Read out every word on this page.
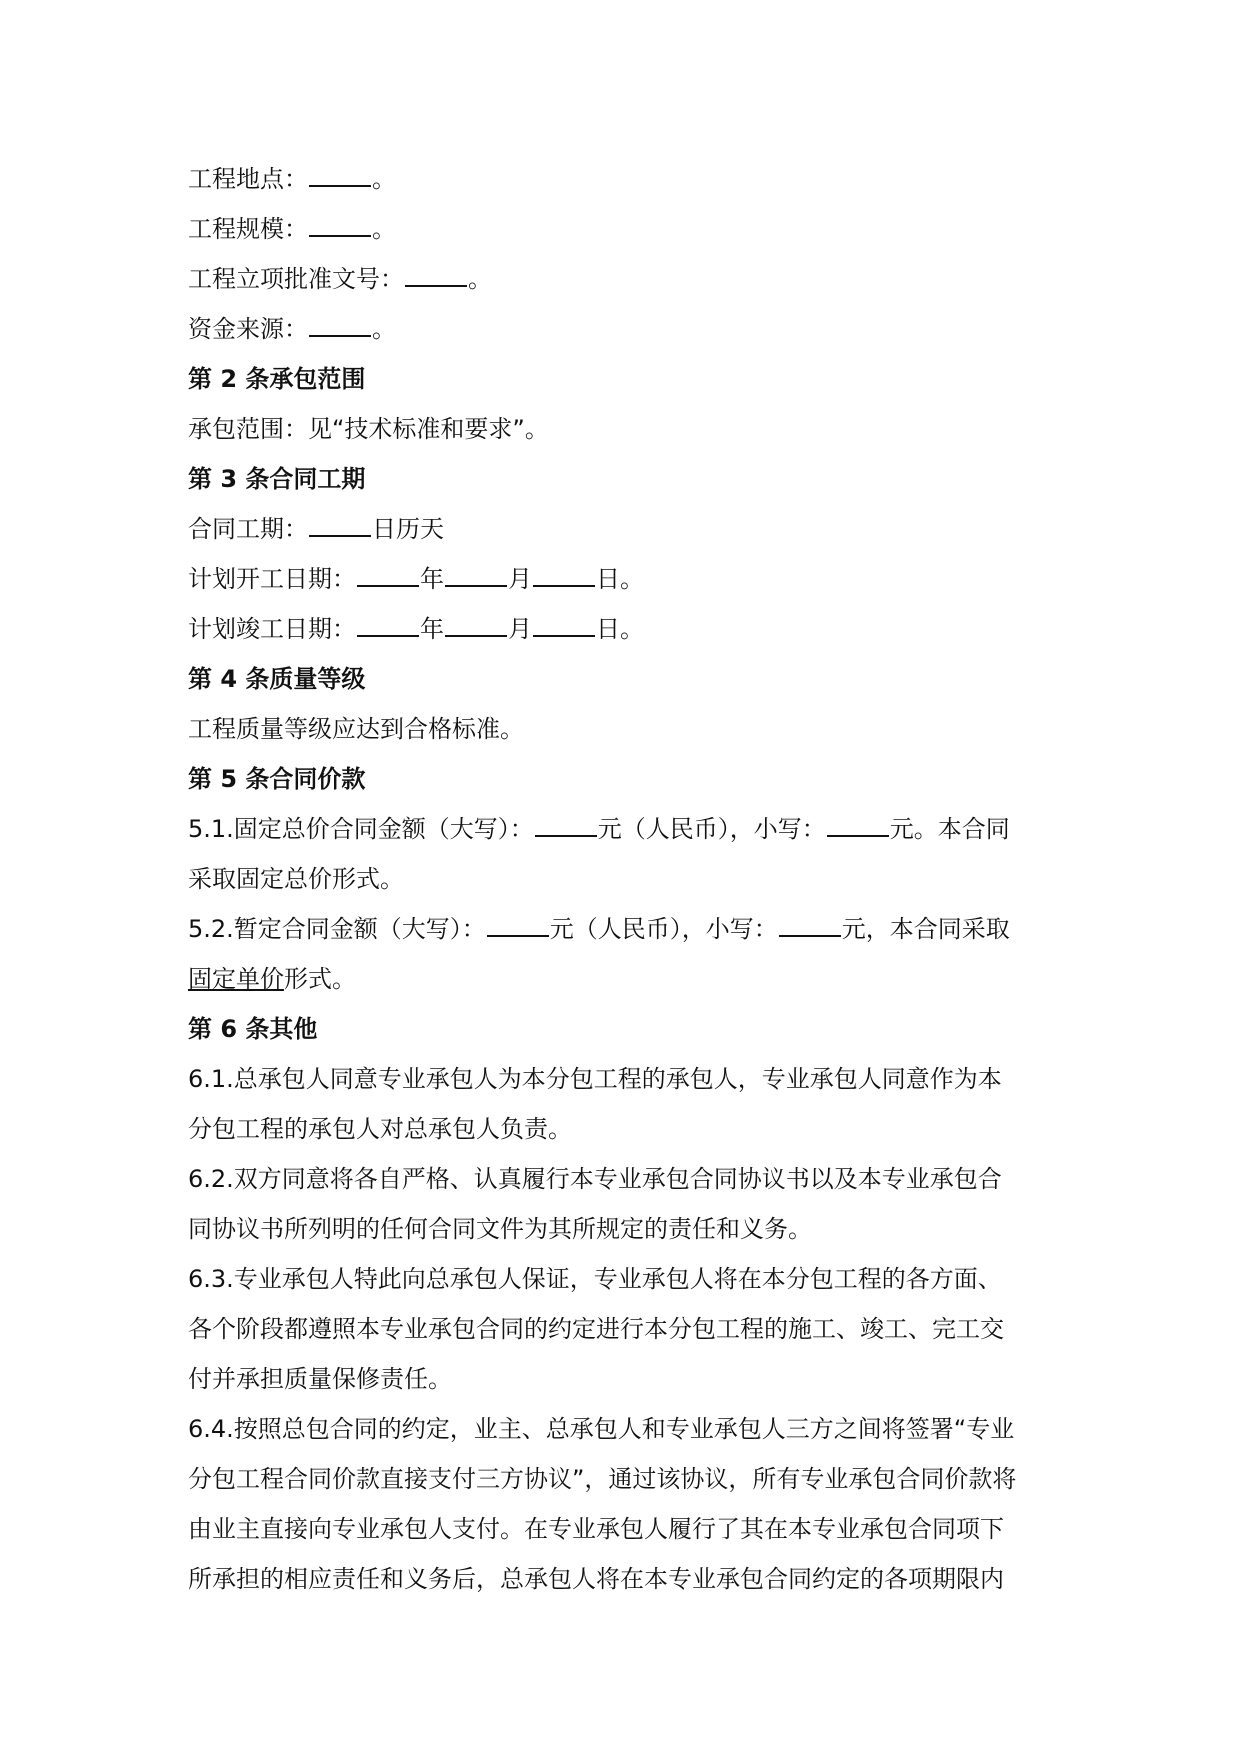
工程地点：	。
工程规模：	。
工程立项批准文号：	。
资金来源：	。
第 2 条承包范围
承包范围：见“技术标准和要求”。
第 3 条合同工期
合同工期：	日历天
计划开工日期：	年	月	日。
计划竣工日期：	年	月	日。
第 4 条质量等级
工程质量等级应达到合格标准。
第 5 条合同价款
5.1.固定总价合同金额（大写）：	元（人民币），小写：	元。本合同
采取固定总价形式。
5.2.暂定合同金额（大写）：	元（人民币），小写：	元，本合同采取
固定单价形式。
第 6 条其他
6.1.总承包人同意专业承包人为本分包工程的承包人，专业承包人同意作为本
分包工程的承包人对总承包人负责。
6.2.双方同意将各自严格、认真履行本专业承包合同协议书以及本专业承包合
同协议书所列明的任何合同文件为其所规定的责任和义务。
6.3.专业承包人特此向总承包人保证，专业承包人将在本分包工程的各方面、
各个阶段都遵照本专业承包合同的约定进行本分包工程的施工、竣工、完工交
付并承担质量保修责任。
6.4.按照总包合同的约定，业主、总承包人和专业承包人三方之间将签署“专业
分包工程合同价款直接支付三方协议”，通过该协议，所有专业承包合同价款将
由业主直接向专业承包人支付。在专业承包人履行了其在本专业承包合同项下
所承担的相应责任和义务后，总承包人将在本专业承包合同约定的各项期限内
